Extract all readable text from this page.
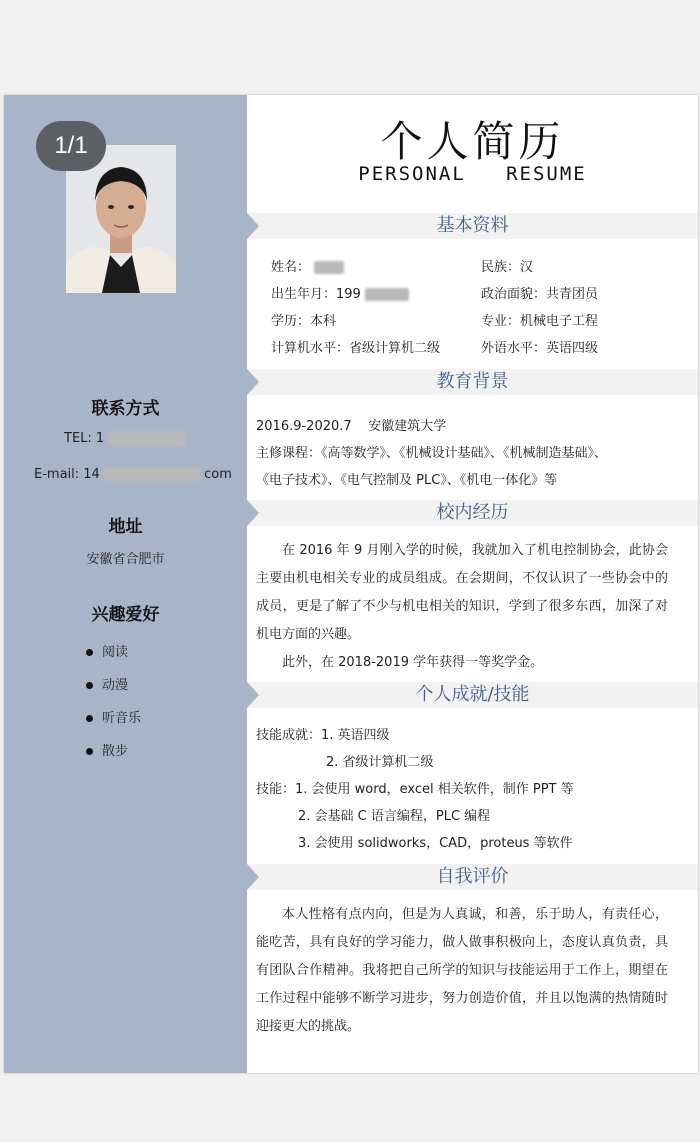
1/1
联系方式
TEL: 1
E-mail: 14	com
地址
安徽省合肥市
兴趣爱好
阅读
动漫
听音乐
散步
个人简历
PERSONAL   RESUME
基本资料
姓名：	民族：汉
出生年月：199	政治面貌：共青团员
学历：本科	专业：机械电子工程
计算机水平：省级计算机二级	外语水平：英语四级
教育背景
2016.9-2020.7    安徽建筑大学
主修课程：《高等数学》、《机械设计基础》、《机械制造基础》、
《电子技术》、《电气控制及 PLC》、《机电一体化》等
校内经历
在 2016 年 9 月刚入学的时候，我就加入了机电控制协会，此协会主要由机电相关专业的成员组成。在会期间，不仅认识了一些协会中的成员，更是了解了不少与机电相关的知识，学到了很多东西，加深了对机电方面的兴趣。
此外，在 2018-2019 学年获得一等奖学金。
个人成就/技能
技能成就：1. 英语四级
2. 省级计算机二级
技能：1. 会使用 word，excel 相关软件，制作 PPT 等
2. 会基础 C 语言编程，PLC 编程
3. 会使用 solidworks，CAD，proteus 等软件
自我评价
本人性格有点内向，但是为人真诚，和善，乐于助人，有责任心，能吃苦，具有良好的学习能力，做人做事积极向上，态度认真负责，具有团队合作精神。我将把自己所学的知识与技能运用于工作上，期望在工作过程中能够不断学习进步，努力创造价值，并且以饱满的热情随时迎接更大的挑战。
